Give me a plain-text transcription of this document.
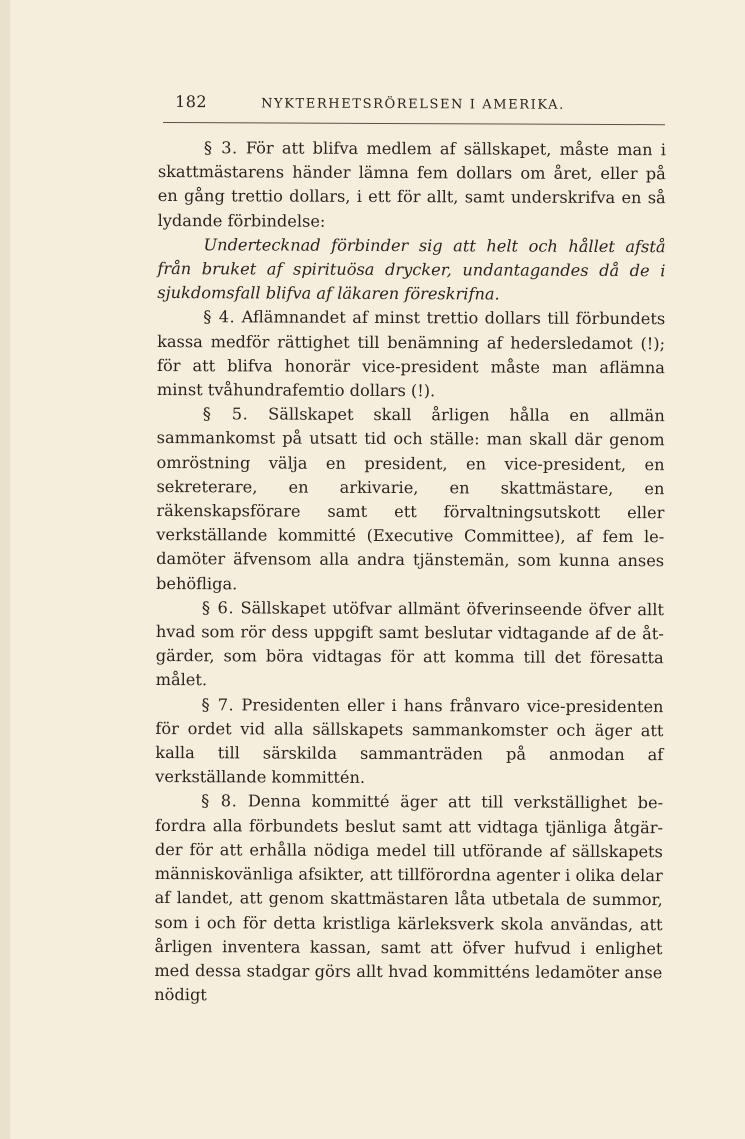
182	NYKTERHETSRÖRELSEN I AMERIKA.

§ 3. För att blifva medlem af sällskapet, måste man i skattmästarens händer lämna fem dollars om året, eller på en gång trettio dollars, i ett för allt, samt underskrifva en så lydande förbindelse:

Undertecknad förbinder sig att helt och hållet afstå från bruket af spirituösa drycker, undantagandes då de i sjukdomsfall blifva af läkaren föreskrifna.

§ 4. Aflämnandet af minst trettio dollars till förbundets kassa medför rättighet till benämning af hedersledamot (!); för att blifva honorär vice-president måste man aflämna minst tvåhundrafemtio dollars (!).

§ 5. Sällskapet skall årligen hålla en allmän sammankomst på utsatt tid och ställe: man skall där genom omröstning välja en president, en vice-president, en sekreterare, en arkivarie, en skattmästare, en räkenskapsförare samt ett förvaltningsutskott eller verkställande kommitté (Executive Committee), af fem ledamöter äfvensom alla andra tjänstemän, som kunna anses behöfliga.

§ 6. Sällskapet utöfvar allmänt öfverinseende öfver allt hvad som rör dess uppgift samt beslutar vidtagande af de åtgärder, som böra vidtagas för att komma till det föresatta målet.

§ 7. Presidenten eller i hans frånvaro vice-presidenten för ordet vid alla sällskapets sammankomster och äger att kalla till särskilda sammanträden på anmodan af verkställande kommittén.

§ 8. Denna kommitté äger att till verkställighet befordra alla förbundets beslut samt att vidtaga tjänliga åtgärder för att erhålla nödiga medel till utförande af sällskapets människovänliga afsikter, att tillförordna agenter i olika delar af landet, att genom skattmästaren låta utbetala de summor, som i och för detta kristliga kärleksverk skola användas, att årligen inventera kassan, samt att öfver hufvud i enlighet med dessa stadgar görs allt hvad kommitténs ledamöter anse nödigt
